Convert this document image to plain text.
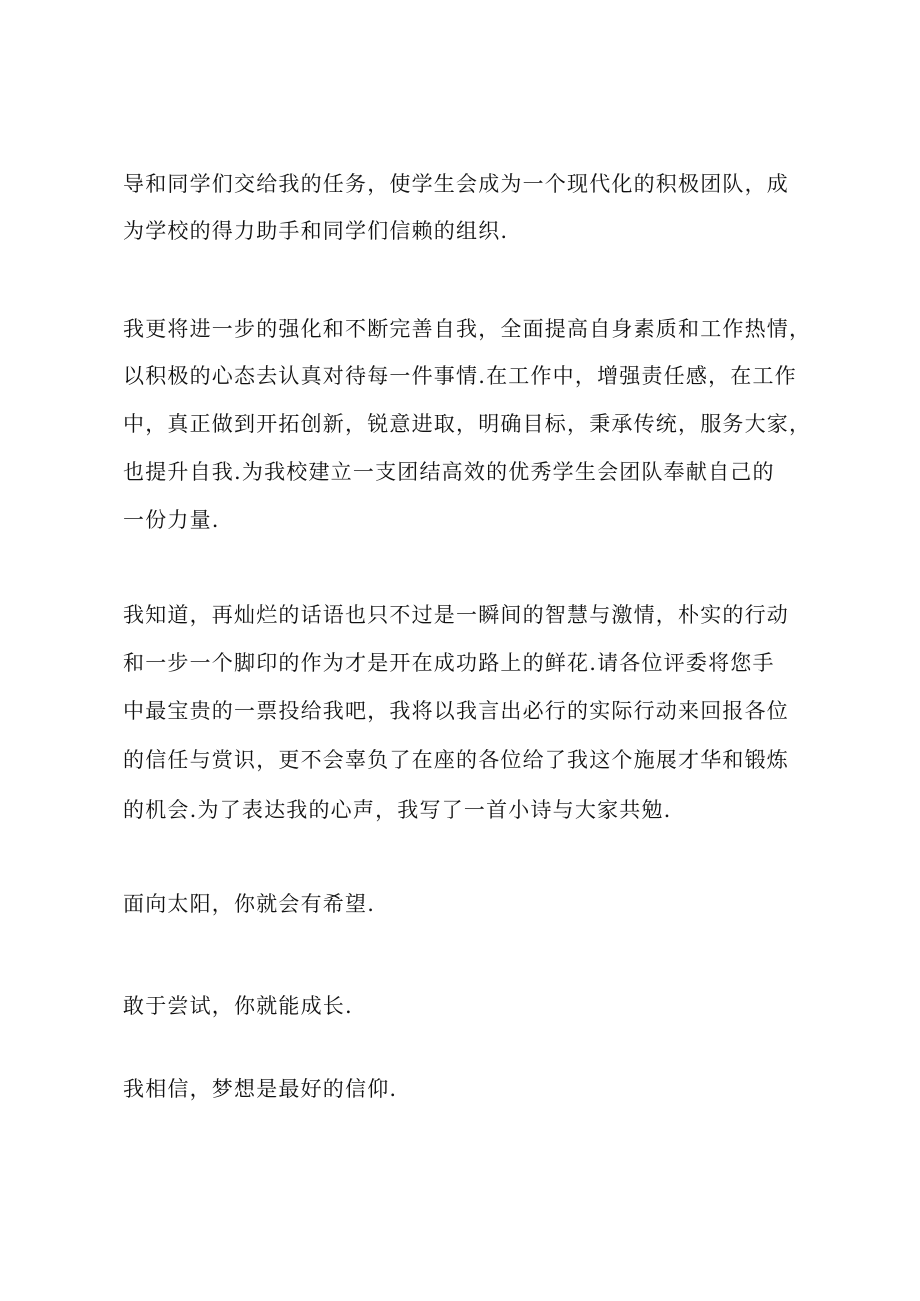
导和同学们交给我的任务，使学生会成为一个现代化的积极团队，成
为学校的得力助手和同学们信赖的组织.
我更将进一步的强化和不断完善自我，全面提高自身素质和工作热情，
以积极的心态去认真对待每一件事情.在工作中，增强责任感，在工作
中，真正做到开拓创新，锐意进取，明确目标，秉承传统，服务大家，
也提升自我.为我校建立一支团结高效的优秀学生会团队奉献自己的
一份力量.
我知道，再灿烂的话语也只不过是一瞬间的智慧与激情，朴实的行动
和一步一个脚印的作为才是开在成功路上的鲜花.请各位评委将您手
中最宝贵的一票投给我吧，我将以我言出必行的实际行动来回报各位
的信任与赏识，更不会辜负了在座的各位给了我这个施展才华和锻炼
的机会.为了表达我的心声，我写了一首小诗与大家共勉.
面向太阳，你就会有希望.
敢于尝试，你就能成长.
我相信，梦想是最好的信仰.
